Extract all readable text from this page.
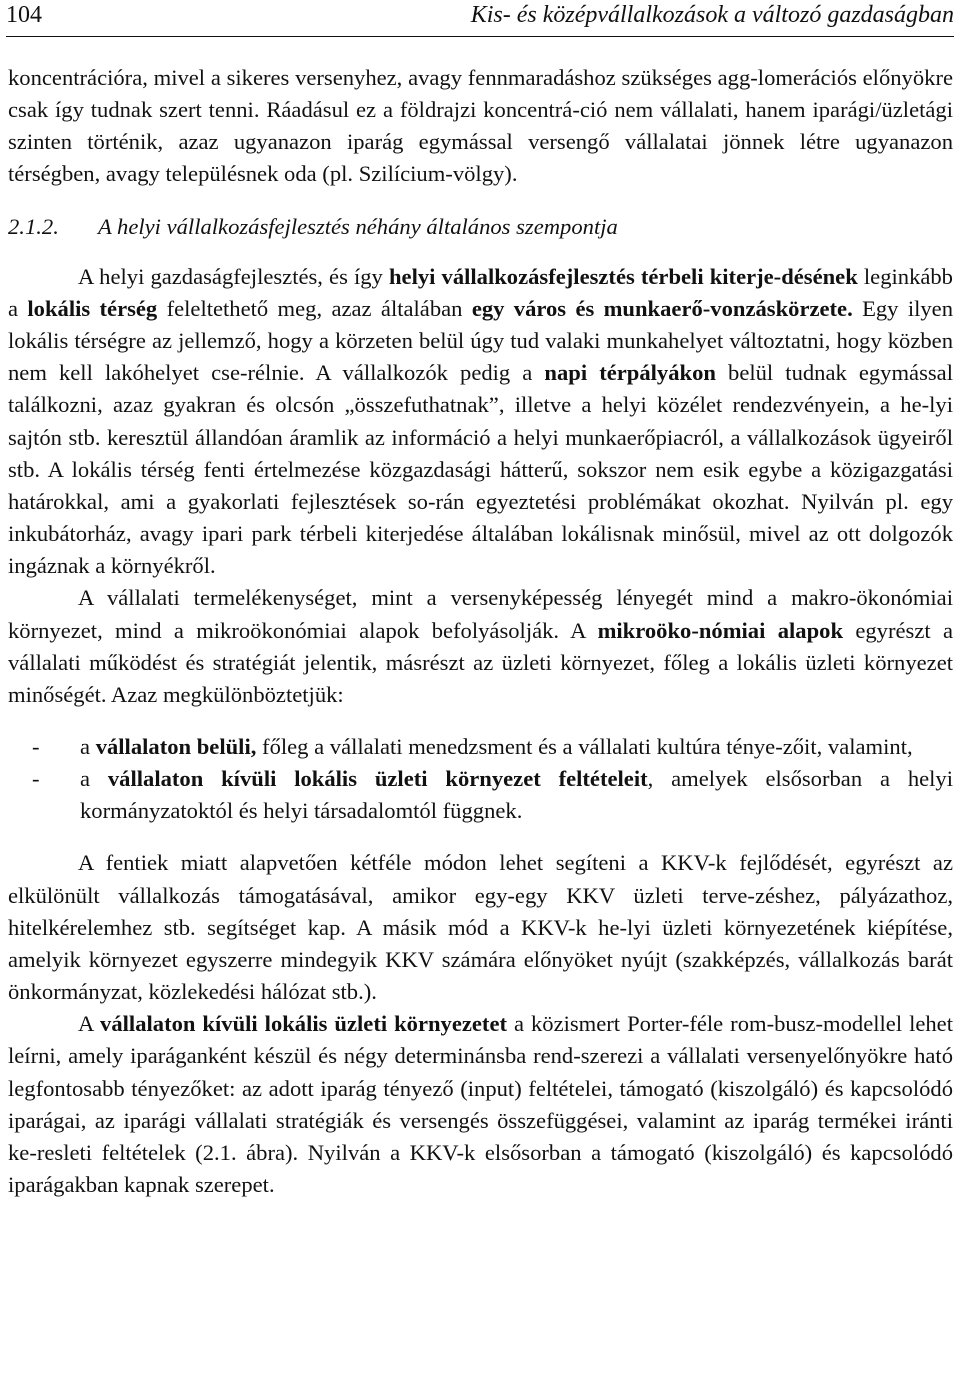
104	Kis- és középvállalkozások a változó gazdaságban

koncentrációra, mivel a sikeres versenyhez, avagy fennmaradáshoz szükséges agg-lomerációs előnyökre csak így tudnak szert tenni. Ráadásul ez a földrajzi koncentrá-ció nem vállalati, hanem iparági/üzletági szinten történik, azaz ugyanazon iparág egymással versengő vállalatai jönnek létre ugyanazon térségben, avagy településnek oda (pl. Szilícium-völgy).

2.1.2. A helyi vállalkozásfejlesztés néhány általános szempontja

A helyi gazdaságfejlesztés, és így helyi vállalkozásfejlesztés térbeli kiterje-désének leginkább a lokális térség feleltethető meg, azaz általában egy város és munkaerő-vonzáskörzete. Egy ilyen lokális térségre az jellemző, hogy a körzeten belül úgy tud valaki munkahelyet változtatni, hogy közben nem kell lakóhelyet cse-rélnie. A vállalkozók pedig a napi térpályákon belül tudnak egymással találkozni, azaz gyakran és olcsón „összefuthatnak”, illetve a helyi közélet rendezvényein, a he-lyi sajtón stb. keresztül állandóan áramlik az információ a helyi munkaerőpiacról, a vállalkozások ügyeiről stb. A lokális térség fenti értelmezése közgazdasági hátterű, sokszor nem esik egybe a közigazgatási határokkal, ami a gyakorlati fejlesztések so-rán egyeztetési problémákat okozhat. Nyilván pl. egy inkubátorház, avagy ipari park térbeli kiterjedése általában lokálisnak minősül, mivel az ott dolgozók ingáznak a környékről.

A vállalati termelékenységet, mint a versenyképesség lényegét mind a makro-ökonómiai környezet, mind a mikroökonómiai alapok befolyásolják. A mikroöko-nómiai alapok egyrészt a vállalati működést és stratégiát jelentik, másrészt az üzleti környezet, főleg a lokális üzleti környezet minőségét. Azaz megkülönböztetjük:

- a vállalaton belüli, főleg a vállalati menedzsment és a vállalati kultúra ténye-zőit, valamint,
- a vállalaton kívüli lokális üzleti környezet feltételeit, amelyek elsősorban a helyi kormányzatoktól és helyi társadalomtól függnek.

A fentiek miatt alapvetően kétféle módon lehet segíteni a KKV-k fejlődését, egyrészt az elkülönült vállalkozás támogatásával, amikor egy-egy KKV üzleti terve-zéshez, pályázathoz, hitelkérelemhez stb. segítséget kap. A másik mód a KKV-k he-lyi üzleti környezetének kiépítése, amelyik környezet egyszerre mindegyik KKV számára előnyöket nyújt (szakképzés, vállalkozás barát önkormányzat, közlekedési hálózat stb.).

A vállalaton kívüli lokális üzleti környezetet a közismert Porter-féle rom-busz-modellel lehet leírni, amely iparáganként készül és négy determinánsba rend-szerezi a vállalati versenyelőnyökre ható legfontosabb tényezőket: az adott iparág tényező (input) feltételei, támogató (kiszolgáló) és kapcsolódó iparágai, az iparági vállalati stratégiák és versengés összefüggései, valamint az iparág termékei iránti ke-resleti feltételek (2.1. ábra). Nyilván a KKV-k elsősorban a támogató (kiszolgáló) és kapcsolódó iparágakban kapnak szerepet.
